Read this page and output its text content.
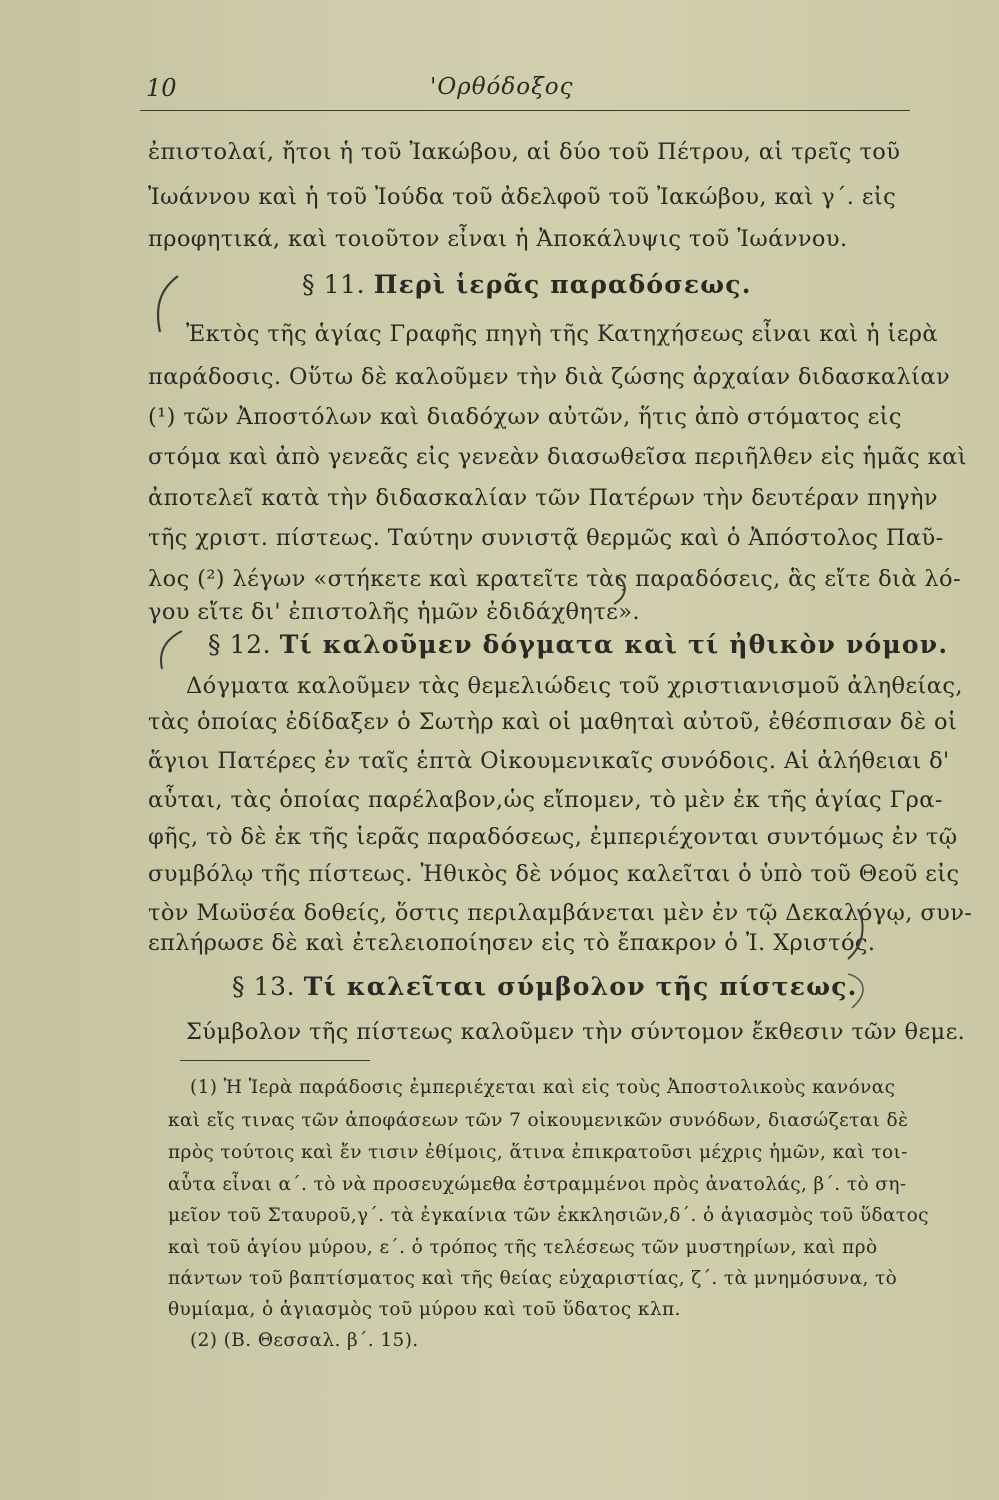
10	'Ορθόδοξος
ἐπιστολαί, ἤτοι ἡ τοῦ Ἰακώβου, αἱ δύο τοῦ Πέτρου, αἱ τρεῖς τοῦ
Ἰωάννου καὶ ἡ τοῦ Ἰούδα τοῦ ἀδελφοῦ τοῦ Ἰακώβου, καὶ γ΄. εἰς
προφητικά, καὶ τοιοῦτον εἶναι ἡ Ἀποκάλυψις τοῦ Ἰωάννου.
§ 11. Περὶ ἱερᾶς παραδόσεως.
Ἐκτὸς τῆς ἁγίας Γραφῆς πηγὴ τῆς Κατηχήσεως εἶναι καὶ ἡ ἱερὰ
παράδοσις. Οὕτω δὲ καλοῦμεν τὴν διὰ ζώσης ἀρχαίαν διδασκαλίαν
(¹) τῶν Ἀποστόλων καὶ διαδόχων αὐτῶν, ἥτις ἀπὸ στόματος εἰς
στόμα καὶ ἀπὸ γενεᾶς εἰς γενεὰν διασωθεῖσα περιῆλθεν εἰς ἡμᾶς καὶ
ἀποτελεῖ κατὰ τὴν διδασκαλίαν τῶν Πατέρων τὴν δευτέραν πηγὴν
τῆς χριστ. πίστεως. Ταύτην συνιστᾷ θερμῶς καὶ ὁ Ἀπόστολος Παῦ-
λος (²) λέγων «στήκετε καὶ κρατεῖτε τὰς παραδόσεις, ἃς εἴτε διὰ λό-
γου εἴτε δι' ἐπιστολῆς ἡμῶν ἐδιδάχθητε».
§ 12. Τί καλοῦμεν δόγματα καὶ τί ἠθικὸν νόμον.
Δόγματα καλοῦμεν τὰς θεμελιώδεις τοῦ χριστιανισμοῦ ἀληθείας,
τὰς ὁποίας ἐδίδαξεν ὁ Σωτὴρ καὶ οἱ μαθηταὶ αὐτοῦ, ἐθέσπισαν δὲ οἱ
ἅγιοι Πατέρες ἐν ταῖς ἑπτὰ Οἰκουμενικαῖς συνόδοις. Αἱ ἀλήθειαι δ'
αὗται, τὰς ὁποίας παρέλαβον,ὡς εἴπομεν, τὸ μὲν ἐκ τῆς ἁγίας Γρα-
φῆς, τὸ δὲ ἐκ τῆς ἱερᾶς παραδόσεως, ἐμπεριέχονται συντόμως ἐν τῷ
συμβόλῳ τῆς πίστεως. Ἠθικὸς δὲ νόμος καλεῖται ὁ ὑπὸ τοῦ Θεοῦ εἰς
τὸν Μωϋσέα δοθείς, ὅστις περιλαμβάνεται μὲν ἐν τῷ Δεκαλόγῳ, συν-
επλήρωσε δὲ καὶ ἐτελειοποίησεν εἰς τὸ ἔπακρον ὁ Ἰ. Χριστός.
§ 13. Τί καλεῖται σύμβολον τῆς πίστεως.
Σύμβολον τῆς πίστεως καλοῦμεν τὴν σύντομον ἔκθεσιν τῶν θεμε.
(1) Ἡ Ἱερὰ παράδοσις ἐμπεριέχεται καὶ εἰς τοὺς Ἀποστολικοὺς κανόνας
καὶ εἴς τινας τῶν ἀποφάσεων τῶν 7 οἰκουμενικῶν συνόδων, διασώζεται δὲ
πρὸς τούτοις καὶ ἔν τισιν ἐθίμοις, ἅτινα ἐπικρατοῦσι μέχρις ἡμῶν, καὶ τοι-
αὗτα εἶναι α΄. τὸ νὰ προσευχώμεθα ἐστραμμένοι πρὸς ἀνατολάς, β΄. τὸ ση-
μεῖον τοῦ Σταυροῦ,γ΄. τὰ ἐγκαίνια τῶν ἐκκλησιῶν,δ΄. ὁ ἁγιασμὸς τοῦ ὕδατος
καὶ τοῦ ἁγίου μύρου, ε΄. ὁ τρόπος τῆς τελέσεως τῶν μυστηρίων, καὶ πρὸ
πάντων τοῦ βαπτίσματος καὶ τῆς θείας εὐχαριστίας, ζ΄. τὰ μνημόσυνα, τὸ
θυμίαμα, ὁ ἁγιασμὸς τοῦ μύρου καὶ τοῦ ὕδατος κλπ.
(2) (Β. Θεσσαλ. β΄. 15).
